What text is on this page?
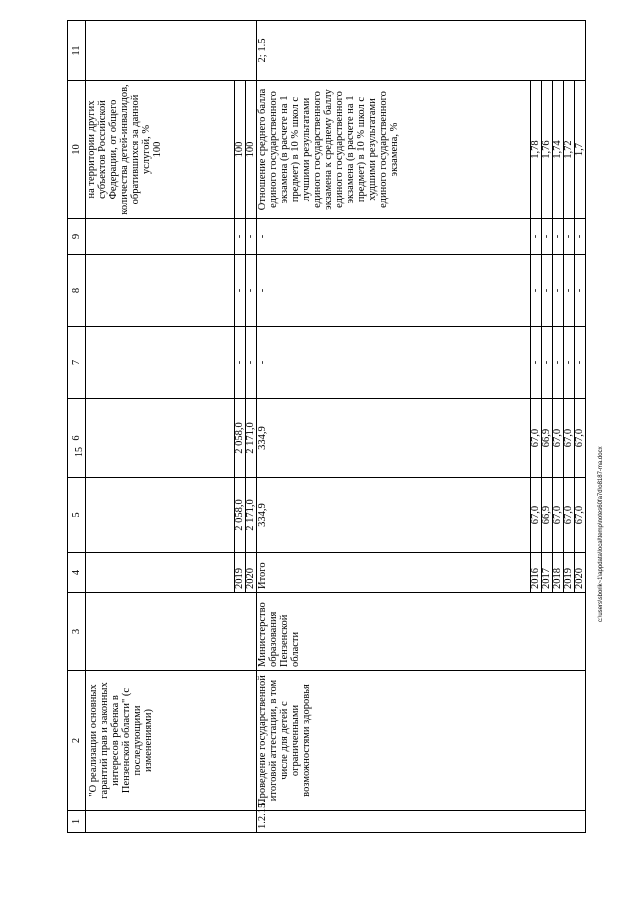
15	c:\users\sborik~1\appdata\local\temp\notes60fa7d\o8187-ma.docx
1	2	3	4	5	6	7	8	9	10	11
	"О реализации основных гарантий прав и законных интересов ребенка в Пензенской области" (с последующими изменениями)								на территории других субъектов Российской Федерации, от общего количества детей-инвалидов, обратившихся за данной услугой, % 100	

			2019	2 058,0	2 058,0	-	-	-	100	
			2020	2 171,0	2 171,0	-	-	-	100	
1.2.15.	Проведение государственной итоговой аттестации, в том числе для детей с ограниченными возможностями здоровья	Министерство образования Пензенской области	Итого	334,9	334,9	-	-	-	Отношение среднего балла единого государственного экзамена (в расчете на 1 предмет) в 10 % школ с лучшими результатами единого государственного экзамена к среднему баллу единого государственного экзамена (в расчете на 1 предмет) в 10 % школ с худшими результатами единого государственного экзамена, %	2; 1.5
			2016	67,0	67,0	-	-	-	1,78	
			2017	66,9	66,9	-	-	-	1,76	
			2018	67,0	67,0	-	-	-	1,74	
			2019	67,0	67,0	-	-	-	1,72	
			2020	67,0	67,0	-	-	-	1,7	
